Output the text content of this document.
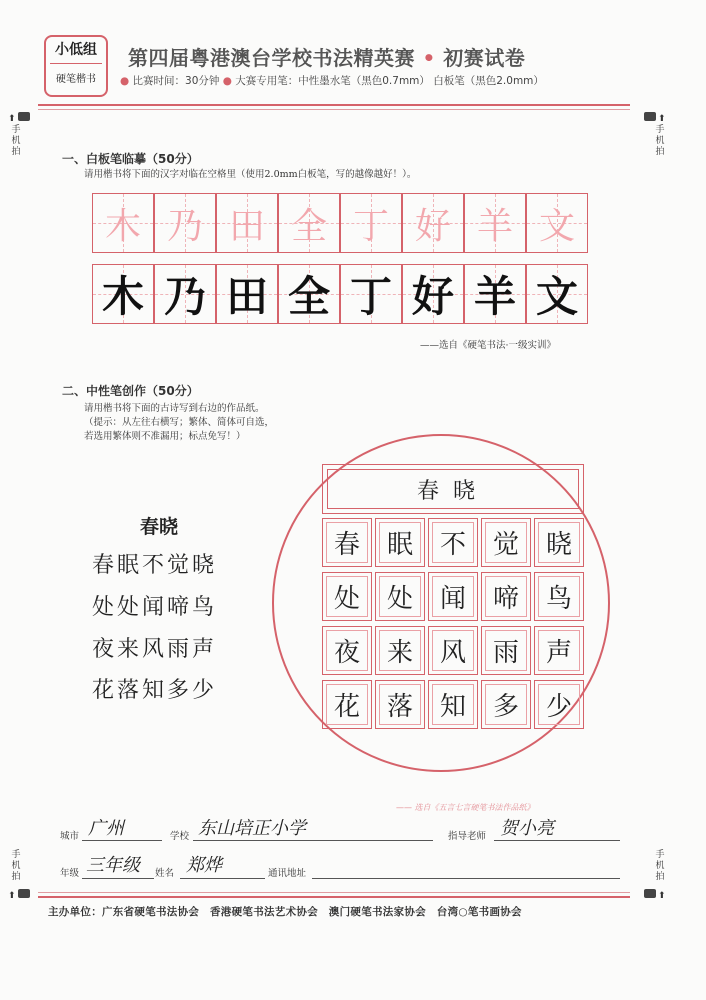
小低组
硬笔楷书
第四届粤港澳台学校书法精英赛 • 初赛试卷
● 比赛时间：30分钟 ● 大赛专用笔：中性墨水笔（黑色0.7mm） 白板笔（黑色2.0mm）
⬆
手机拍
⬆
手机拍
手机拍
⬆
手机拍
⬆
一、白板笔临摹（50分）
请用楷书将下面的汉字对临在空格里（使用2.0mm白板笔，写的越像越好！）。
木 乃 田 全 丁 好 羊 文
木 乃 田 全 丁 好 羊 文
——选自《硬笔书法·一级实训》
二、中性笔创作（50分）
请用楷书将下面的古诗写到右边的作品纸。
（提示：从左往右横写；繁体、简体可自选，
若选用繁体则不准漏用；标点免写！）
春晓
春眠不觉晓
处处闻啼鸟
夜来风雨声
花落知多少
春晓
春	眠	不	觉	晓
处	处	闻	啼	鸟
夜	来	风	雨	声
花	落	知	多	少
—— 选自《五言七言硬笔书法作品纸》
城市 广州	学校 东山培正小学	指导老师 贺小亮
年级 三年级 姓名 郑烨	通讯地址
主办单位：广东省硬笔书法协会　香港硬笔书法艺术协会　澳门硬笔书法家协会　台湾○笔书画协会
